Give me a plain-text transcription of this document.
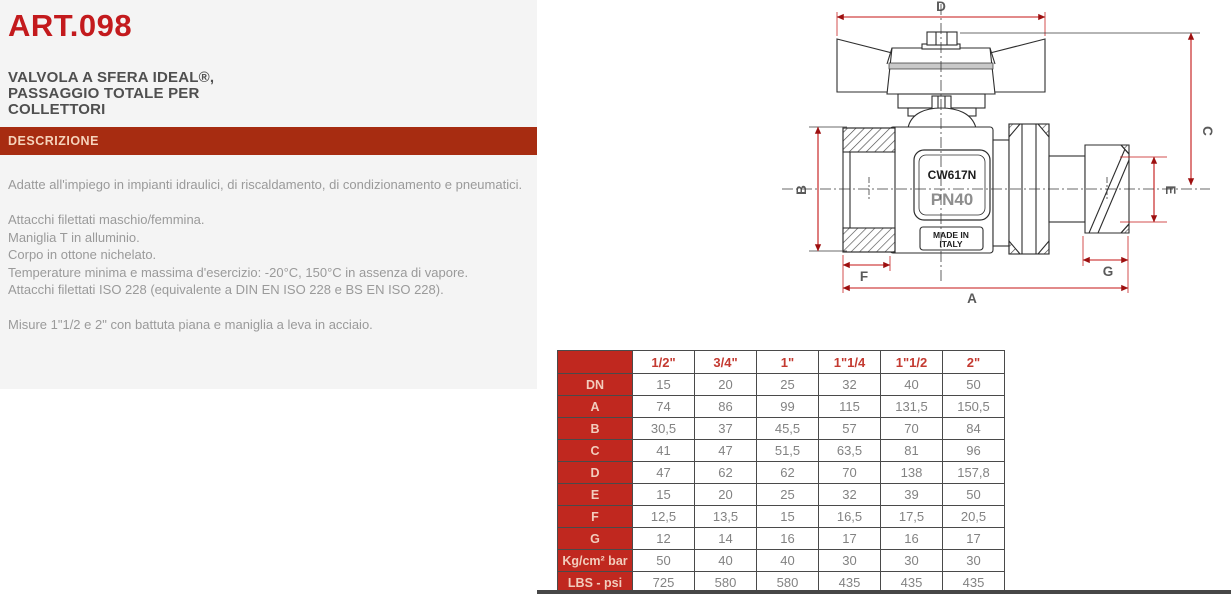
ART.098
VALVOLA A SFERA IDEAL®,
PASSAGGIO TOTALE PER
COLLETTORI
DESCRIZIONE
Adatte all'impiego in impianti idraulici, di riscaldamento, di condizionamento e pneumatici.
Attacchi filettati maschio/femmina.
Maniglia T in alluminio.
Corpo in ottone nichelato.
Temperature minima e massima d'esercizio: -20°C, 150°C in assenza di vapore.
Attacchi filettati ISO 228 (equivalente a DIN EN ISO 228 e BS EN ISO 228).
Misure 1"1/2 e 2" con battuta piana e maniglia a leva in acciaio.
CW617N
PN40
MADE IN
ITALY
D
C
B	E
F	G
A
	1/2"	3/4"	1"	1"1/4	1"1/2	2"
DN	15	20	25	32	40	50
A	74	86	99	115	131,5	150,5
B	30,5	37	45,5	57	70	84
C	41	47	51,5	63,5	81	96
D	47	62	62	70	138	157,8
E	15	20	25	32	39	50
F	12,5	13,5	15	16,5	17,5	20,5
G	12	14	16	17	16	17
Kg/cm² bar	50	40	40	30	30	30
LBS - psi	725	580	580	435	435	435
